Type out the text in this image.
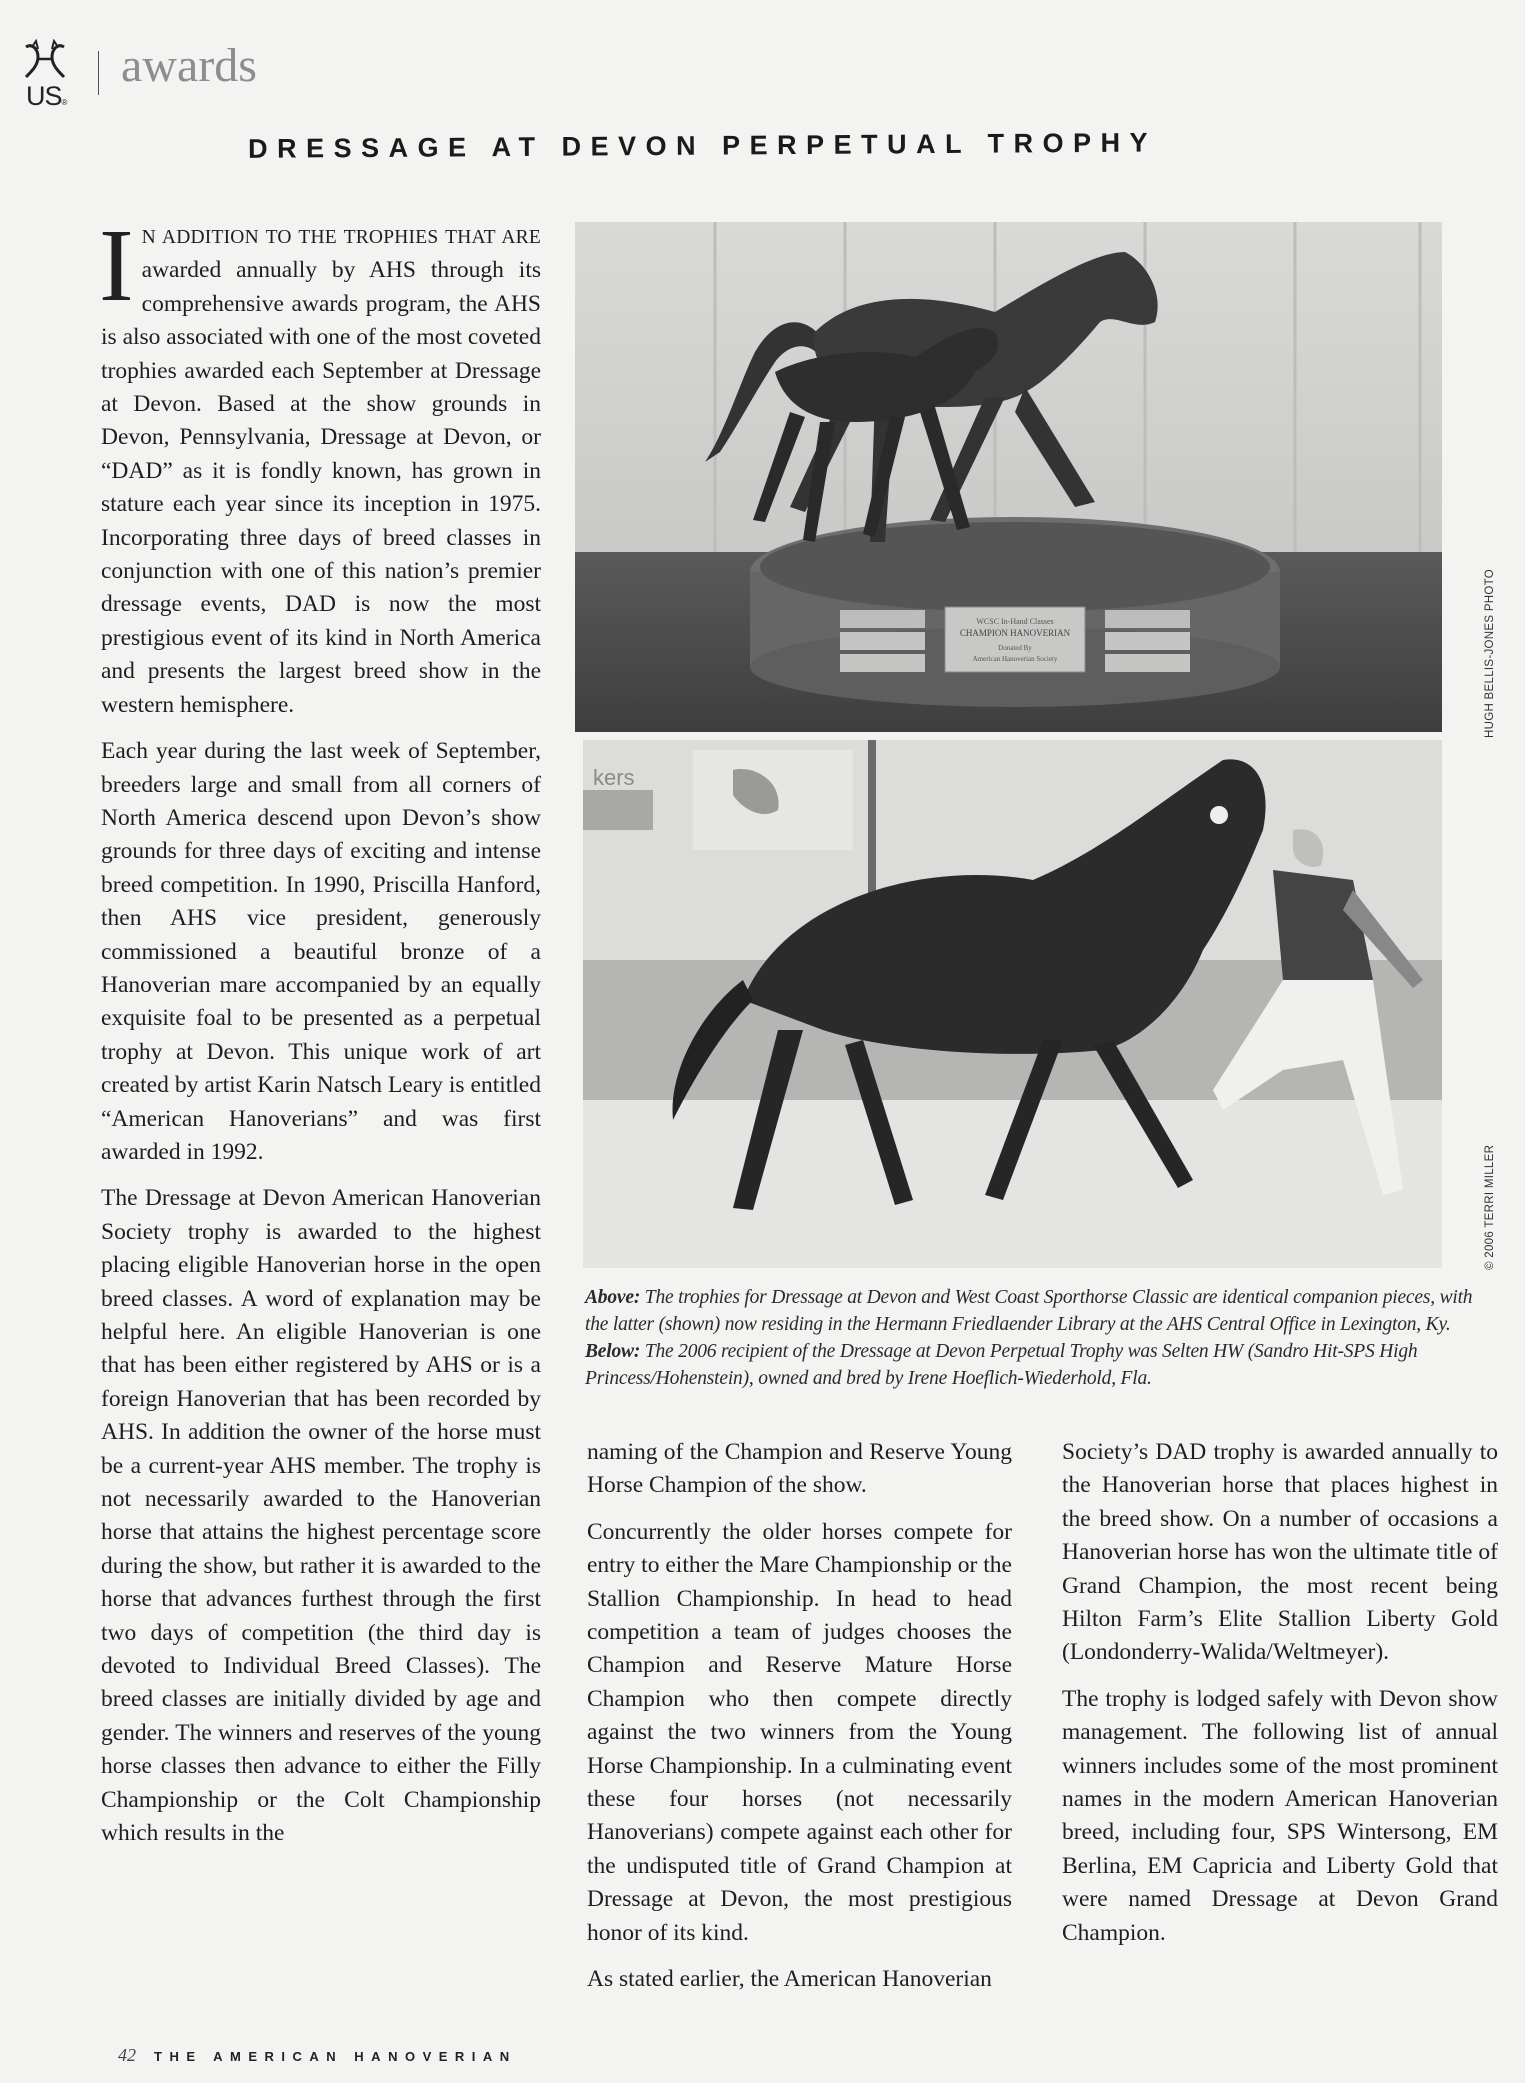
US®
awards
DRESSAGE AT DEVON PERPETUAL TROPHY

I N ADDITION TO THE TROPHIES THAT ARE awarded annually by AHS through its comprehensive awards program, the AHS is also associated with one of the most coveted trophies awarded each September at Dressage at Devon. Based at the show grounds in Devon, Pennsylvania, Dressage at Devon, or “DAD” as it is fondly known, has grown in stature each year since its inception in 1975. Incorporating three days of breed classes in conjunction with one of this nation’s premier dressage events, DAD is now the most prestigious event of its kind in North America and presents the largest breed show in the western hemisphere.

Each year during the last week of September, breeders large and small from all corners of North America descend upon Devon’s show grounds for three days of exciting and intense breed competition. In 1990, Priscilla Hanford, then AHS vice president, generously commissioned a beautiful bronze of a Hanoverian mare accompanied by an equally exquisite foal to be presented as a perpetual trophy at Devon. This unique work of art created by artist Karin Natsch Leary is entitled “American Hanoverians” and was first awarded in 1992.

The Dressage at Devon American Hanoverian Society trophy is awarded to the highest placing eligible Hanoverian horse in the open breed classes. A word of explanation may be helpful here. An eligible Hanoverian is one that has been either registered by AHS or is a foreign Hanoverian that has been recorded by AHS. In addition the owner of the horse must be a current-year AHS member. The trophy is not necessarily awarded to the Hanoverian horse that attains the highest percentage score during the show, but rather it is awarded to the horse that advances furthest through the first two days of competition (the third day is devoted to Individual Breed Classes). The breed classes are initially divided by age and gender. The winners and reserves of the young horse classes then advance to either the Filly Championship or the Colt Championship which results in the

WCSC In-Hand Classes
CHAMPION HANOVERIAN
Donated By
American Hanoverian Society	HUGH BELLIS-JONES PHOTO
kers
© 2006 TERRI MILLER
Above: The trophies for Dressage at Devon and West Coast Sporthorse Classic are identical companion pieces, with the latter (shown) now residing in the Hermann Friedlaender Library at the AHS Central Office in Lexington, Ky. Below: The 2006 recipient of the Dressage at Devon Perpetual Trophy was Selten HW (Sandro Hit-SPS High Princess/Hohenstein), owned and bred by Irene Hoeflich-Wiederhold, Fla.

naming of the Champion and Reserve Young Horse Champion of the show.

Concurrently the older horses compete for entry to either the Mare Championship or the Stallion Championship. In head to head competition a team of judges chooses the Champion and Reserve Mature Horse Champion who then compete directly against the two winners from the Young Horse Championship. In a culminating event these four horses (not necessarily Hanoverians) compete against each other for the undisputed title of Grand Champion at Dressage at Devon, the most prestigious honor of its kind.

As stated earlier, the American Hanoverian

Society’s DAD trophy is awarded annually to the Hanoverian horse that places highest in the breed show. On a number of occasions a Hanoverian horse has won the ultimate title of Grand Champion, the most recent being Hilton Farm’s Elite Stallion Liberty Gold (Londonderry-Walida/Weltmeyer).

The trophy is lodged safely with Devon show management. The following list of annual winners includes some of the most prominent names in the modern American Hanoverian breed, including four, SPS Wintersong, EM Berlina, EM Capricia and Liberty Gold that were named Dressage at Devon Grand Champion.

42 THE AMERICAN HANOVERIAN
